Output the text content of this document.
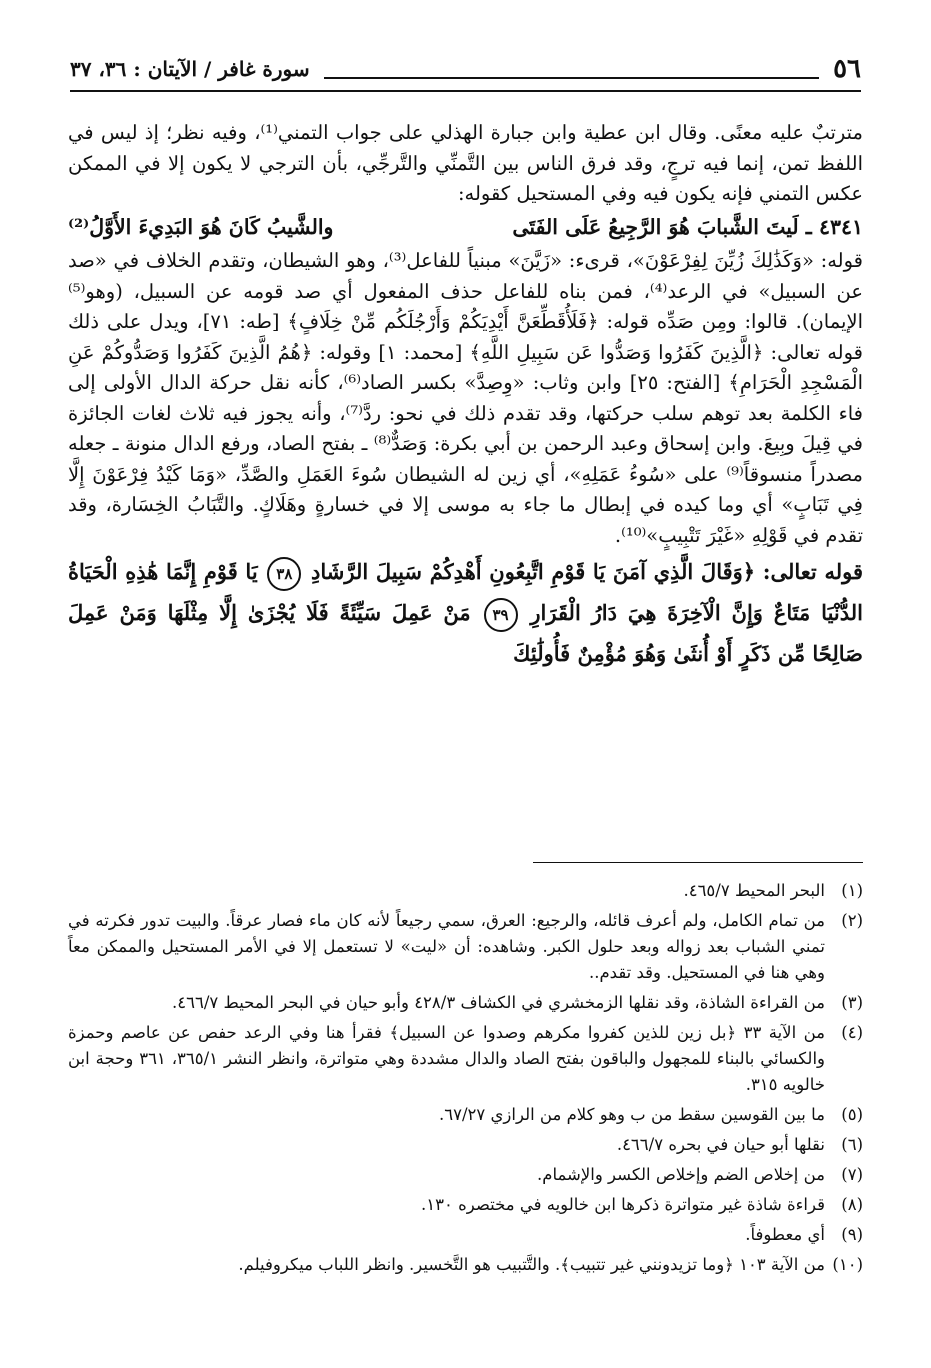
٥٦
سورة غافر / الآيتان : ٣٦، ٣٧

مترتبٌ عليه معنًى. وقال ابن عطية وابن جبارة الهذلي على جواب التمني⁽¹⁾، وفيه نظر؛ إذ ليس في اللفظ تمن، إنما فيه ترجٍ، وقد فرق الناس بين التَّمنِّي والتَّرجِّي، بأن الترجي لا يكون إلا في الممكن عكس التمني فإنه يكون فيه وفي المستحيل كقوله:

٤٣٤١ ـ لَيتَ الشَّبابَ هُوَ الرَّجِيعُ عَلَى الفَتَى
والشَّيبُ كَانَ هُوَ البَدِيءَ الأَوَّلُ⁽²⁾

قوله: «وَكَذَٰلِكَ زُيِّنَ لِفِرْعَوْنَ»، قرىء: «زَيَّنَ» مبنياً للفاعل⁽³⁾، وهو الشيطان، وتقدم الخلاف في «صد عن السبيل» في الرعد⁽⁴⁾، فمن بناه للفاعل حذف المفعول أي صد قومه عن السبيل، (وهو⁽⁵⁾ الإيمان). قالوا: ومِن صَدِّه قوله: ﴿فَلَأُقَطِّعَنَّ أَيْدِيَكُمْ وَأَرْجُلَكُم مِّنْ خِلَافٍ﴾ [طه: ٧١]، ويدل على ذلك قوله تعالى: ﴿الَّذِينَ كَفَرُوا وَصَدُّوا عَن سَبِيلِ اللَّهِ﴾ [محمد: ١] وقوله: ﴿هُمُ الَّذِينَ كَفَرُوا وَصَدُّوكُمْ عَنِ الْمَسْجِدِ الْحَرَامِ﴾ [الفتح: ٢٥] وابن وثاب: «وِصِدَّ» بكسر الصاد⁽⁶⁾، كأنه نقل حركة الدال الأولى إلى فاء الكلمة بعد توهم سلب حركتها، وقد تقدم ذلك في نحو: ردَّ⁽⁷⁾، وأنه يجوز فيه ثلاث لغات الجائزة في قِيلَ وبِيعَ. وابن إسحاق وعبد الرحمن بن أبي بكرة: وَصَدٌّ⁽⁸⁾ ـ بفتح الصاد، ورفع الدال منونة ـ جعله مصدراً منسوقاً⁽⁹⁾ على «سُوءُ عَمَلِهِ»، أي زين له الشيطان سُوءَ العَمَلِ والصَّدِّ، «وَمَا كَيْدُ فِرْعَوْنَ إِلَّا فِي تَبَابٍ» أي وما كيده في إبطال ما جاء به موسى إلا في خسارةٍ وهَلَاكٍ. والتَّبَابُ الخِسَارة، وقد تقدم في قَوْلِهِ «غَيْرَ تَتْبِيبٍ»⁽¹⁰⁾.

قوله تعالى: ﴿وَقَالَ الَّذِي آمَنَ يَا قَوْمِ اتَّبِعُونِ أَهْدِكُمْ سَبِيلَ الرَّشَادِ ٣٨ يَا قَوْمِ إِنَّمَا هَٰذِهِ الْحَيَاةُ الدُّنْيَا مَتَاعٌ وَإِنَّ الْآخِرَةَ هِيَ دَارُ الْقَرَارِ ٣٩ مَنْ عَمِلَ سَيِّئَةً فَلَا يُجْزَىٰ إِلَّا مِثْلَهَا وَمَنْ عَمِلَ صَالِحًا مِّن ذَكَرٍ أَوْ أُنثَىٰ وَهُوَ مُؤْمِنٌ فَأُولَٰئِكَ

(١)
البحر المحيط ٤٦٥/٧.
(٢)
من تمام الكامل، ولم أعرف قائله، والرجيع: العرق، سمي رجيعاً لأنه كان ماء فصار عرقاً. والبيت تدور فكرته في تمني الشباب بعد زواله وبعد حلول الكبر. وشاهده: أن «ليت» لا تستعمل إلا في الأمر المستحيل والممكن معاً وهي هنا في المستحيل. وقد تقدم..
(٣)
من القراءة الشاذة، وقد نقلها الزمخشري في الكشاف ٤٢٨/٣ وأبو حيان في البحر المحيط ٤٦٦/٧.
(٤)
من الآية ٣٣ ﴿بل زين للذين كفروا مكرهم وصدوا عن السبيل﴾ فقرأ هنا وفي الرعد حفص عن عاصم وحمزة والكسائي بالبناء للمجهول والباقون بفتح الصاد والدال مشددة وهي متواترة، وانظر النشر ٣٦٥/١، ٣٦١ وحجة ابن خالويه ٣١٥.
(٥)
ما بين القوسين سقط من ب وهو كلام من الرازي ٦٧/٢٧.
(٦)
نقلها أبو حيان في بحره ٤٦٦/٧.
(٧)
من إخلاص الضم وإخلاص الكسر والإشمام.
(٨)
قراءة شاذة غير متواترة ذكرها ابن خالويه في مختصره ١٣٠.
(٩)
أي معطوفاً.
(١٠)
من الآية ١٠٣ ﴿وما تزيدونني غير تتبيب﴾. والتَّتبيب هو التَّخسير. وانظر اللباب ميكروفيلم.
